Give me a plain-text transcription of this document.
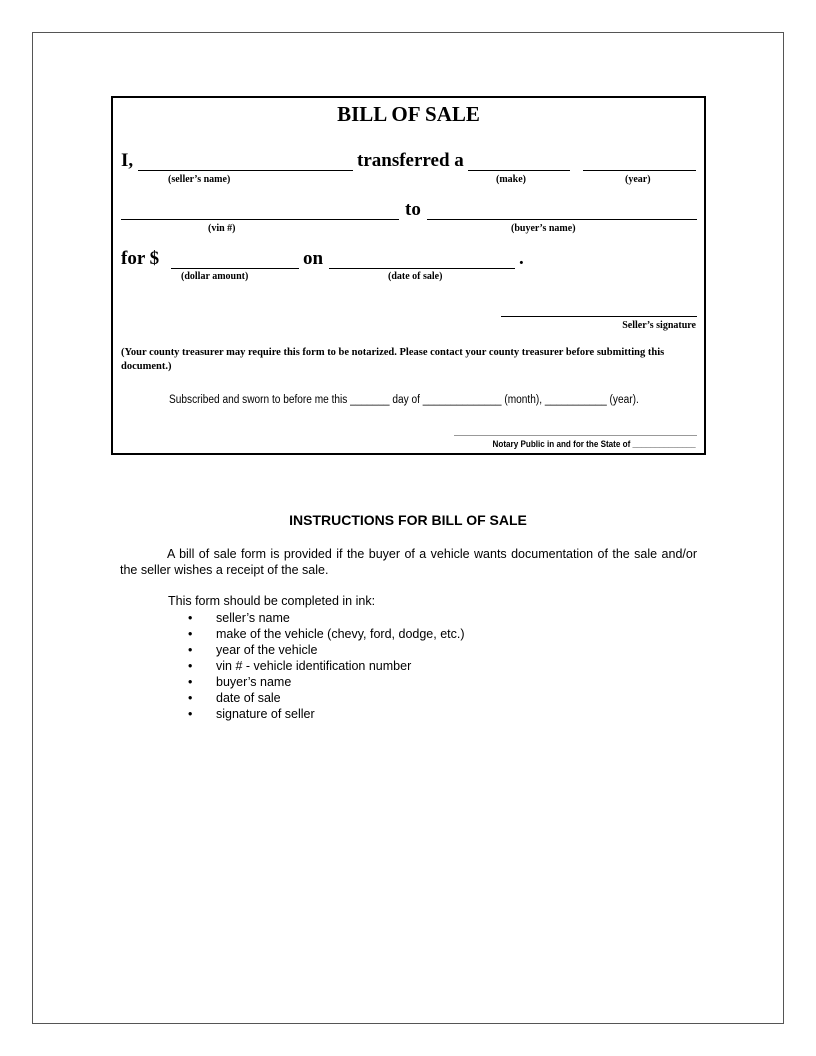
BILL OF SALE
I,	transferred a
(seller’s name)	(make)	(year)
to
(vin #)	(buyer’s name)
for $	on	.
(dollar amount)	(date of sale)
Seller’s signature
(Your county treasurer may require this form to be notarized. Please contact your county treasurer before submitting this document.)
Subscribed and sworn to before me this _______ day of ______________ (month), ___________ (year).
Notary Public in and for the State of ______________
INSTRUCTIONS FOR BILL OF SALE

A bill of sale form is provided if the buyer of a vehicle wants documentation of the sale and/or the seller wishes a receipt of the sale.

This form should be completed in ink:
• seller’s name
• make of the vehicle (chevy, ford, dodge, etc.)
• year of the vehicle
• vin # - vehicle identification number
• buyer’s name
• date of sale
• signature of seller
